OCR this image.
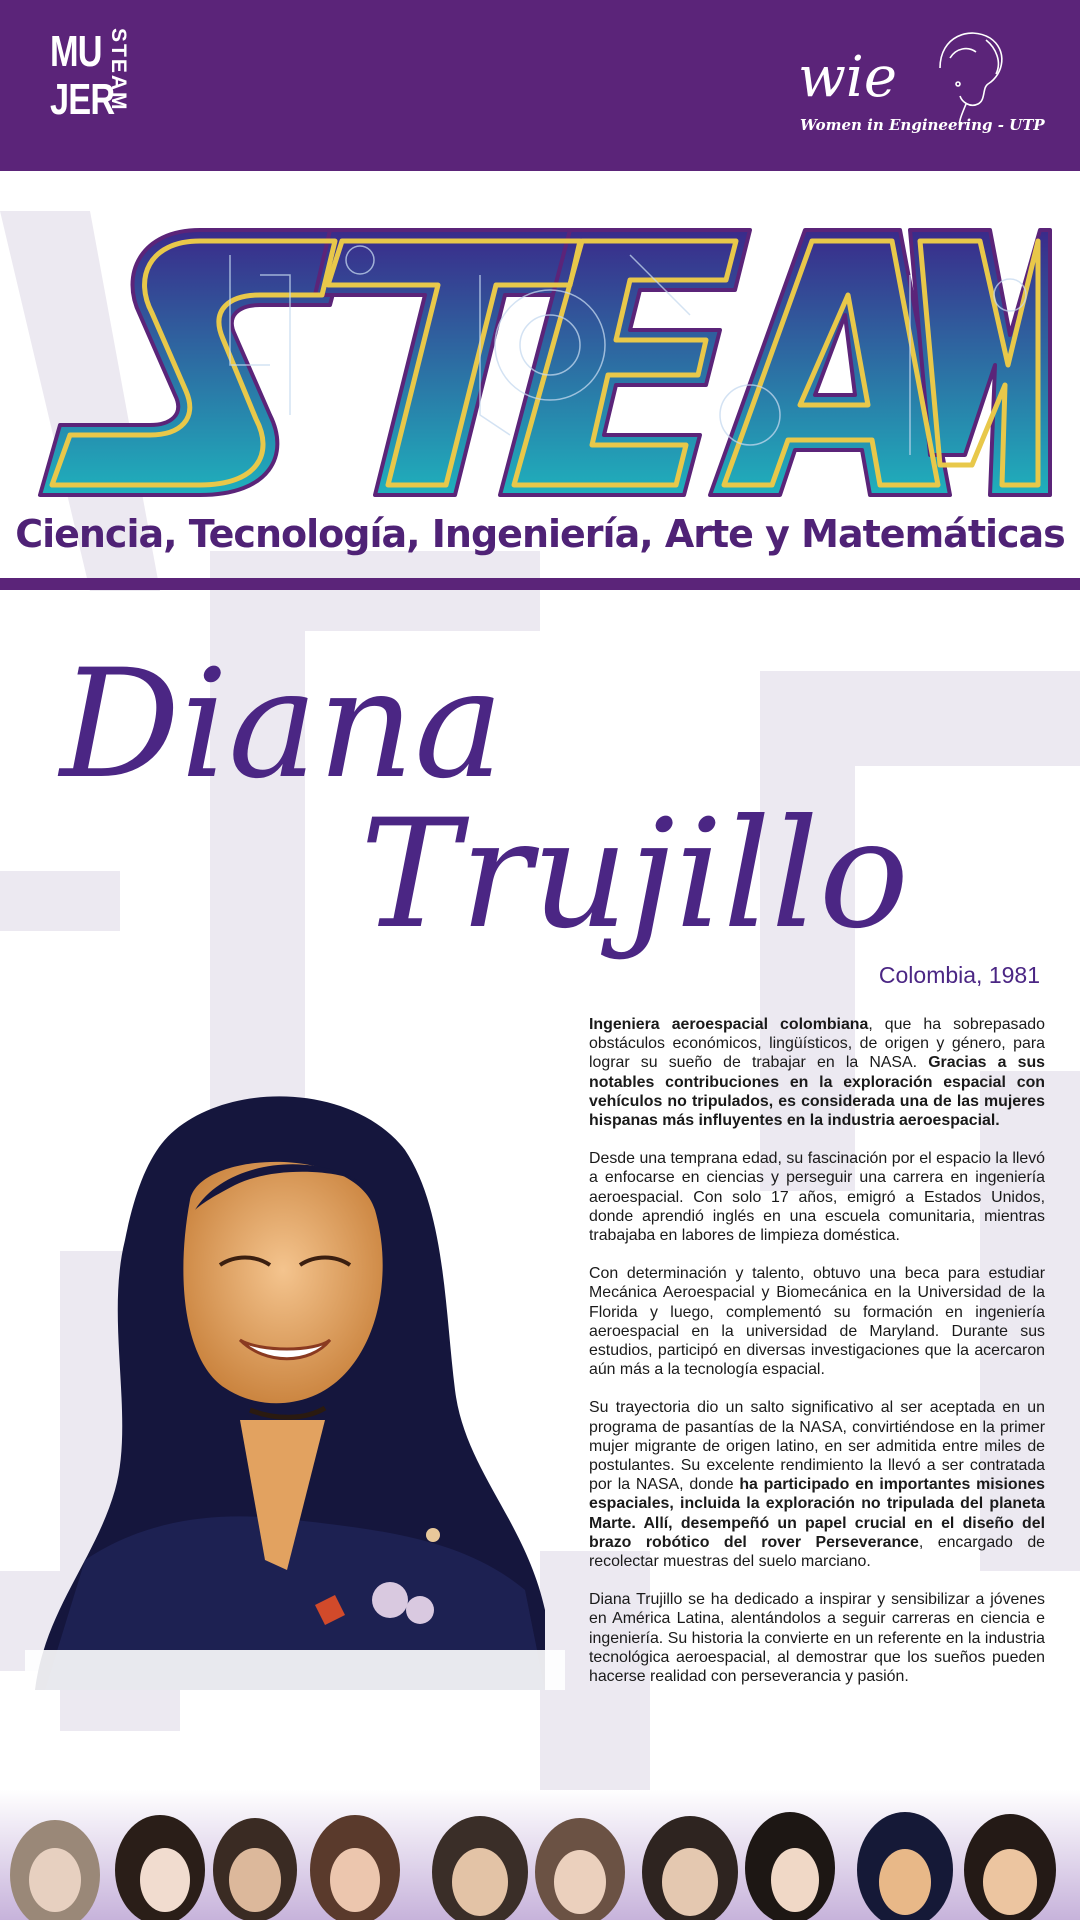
MU
JER
STEAM	wie
Women in Engineering - UTP
Ciencia, Tecnología, Ingeniería, Arte y Matemáticas
Diana
Trujillo
Colombia, 1981

Ingeniera aeroespacial colombiana, que ha sobrepasado obstáculos económicos, lingüísticos, de origen y género, para lograr su sueño de trabajar en la NASA. Gracias a sus notables contribuciones en la exploración espacial con vehículos no tripulados, es considerada una de las mujeres hispanas más influyentes en la industria aeroespacial.

Desde una temprana edad, su fascinación por el espacio la llevó a enfocarse en ciencias y perseguir una carrera en ingeniería aeroespacial. Con solo 17 años, emigró a Estados Unidos, donde aprendió inglés en una escuela comunitaria, mientras trabajaba en labores de limpieza doméstica.

Con determinación y talento, obtuvo una beca para estudiar Mecánica Aeroespacial y Biomecánica en la Universidad de la Florida y luego, complementó su formación en ingeniería aeroespacial en la universidad de Maryland. Durante sus estudios, participó en diversas investigaciones que la acercaron aún más a la tecnología espacial.

Su trayectoria dio un salto significativo al ser aceptada en un programa de pasantías de la NASA, convirtiéndose en la primer mujer migrante de origen latino, en ser admitida entre miles de postulantes. Su excelente rendimiento la llevó a ser contratada por la NASA, donde ha participado en importantes misiones espaciales, incluida la exploración no tripulada del planeta Marte. Allí, desempeñó un papel crucial en el diseño del brazo robótico del rover Perseverance, encargado de recolectar muestras del suelo marciano.

Diana Trujillo se ha dedicado a inspirar y sensibilizar a jóvenes en América Latina, alentándolos a seguir carreras en ciencia e ingeniería. Su historia la convierte en un referente en la industria tecnológica aeroespacial, al demostrar que los sueños pueden hacerse realidad con perseverancia y pasión.
